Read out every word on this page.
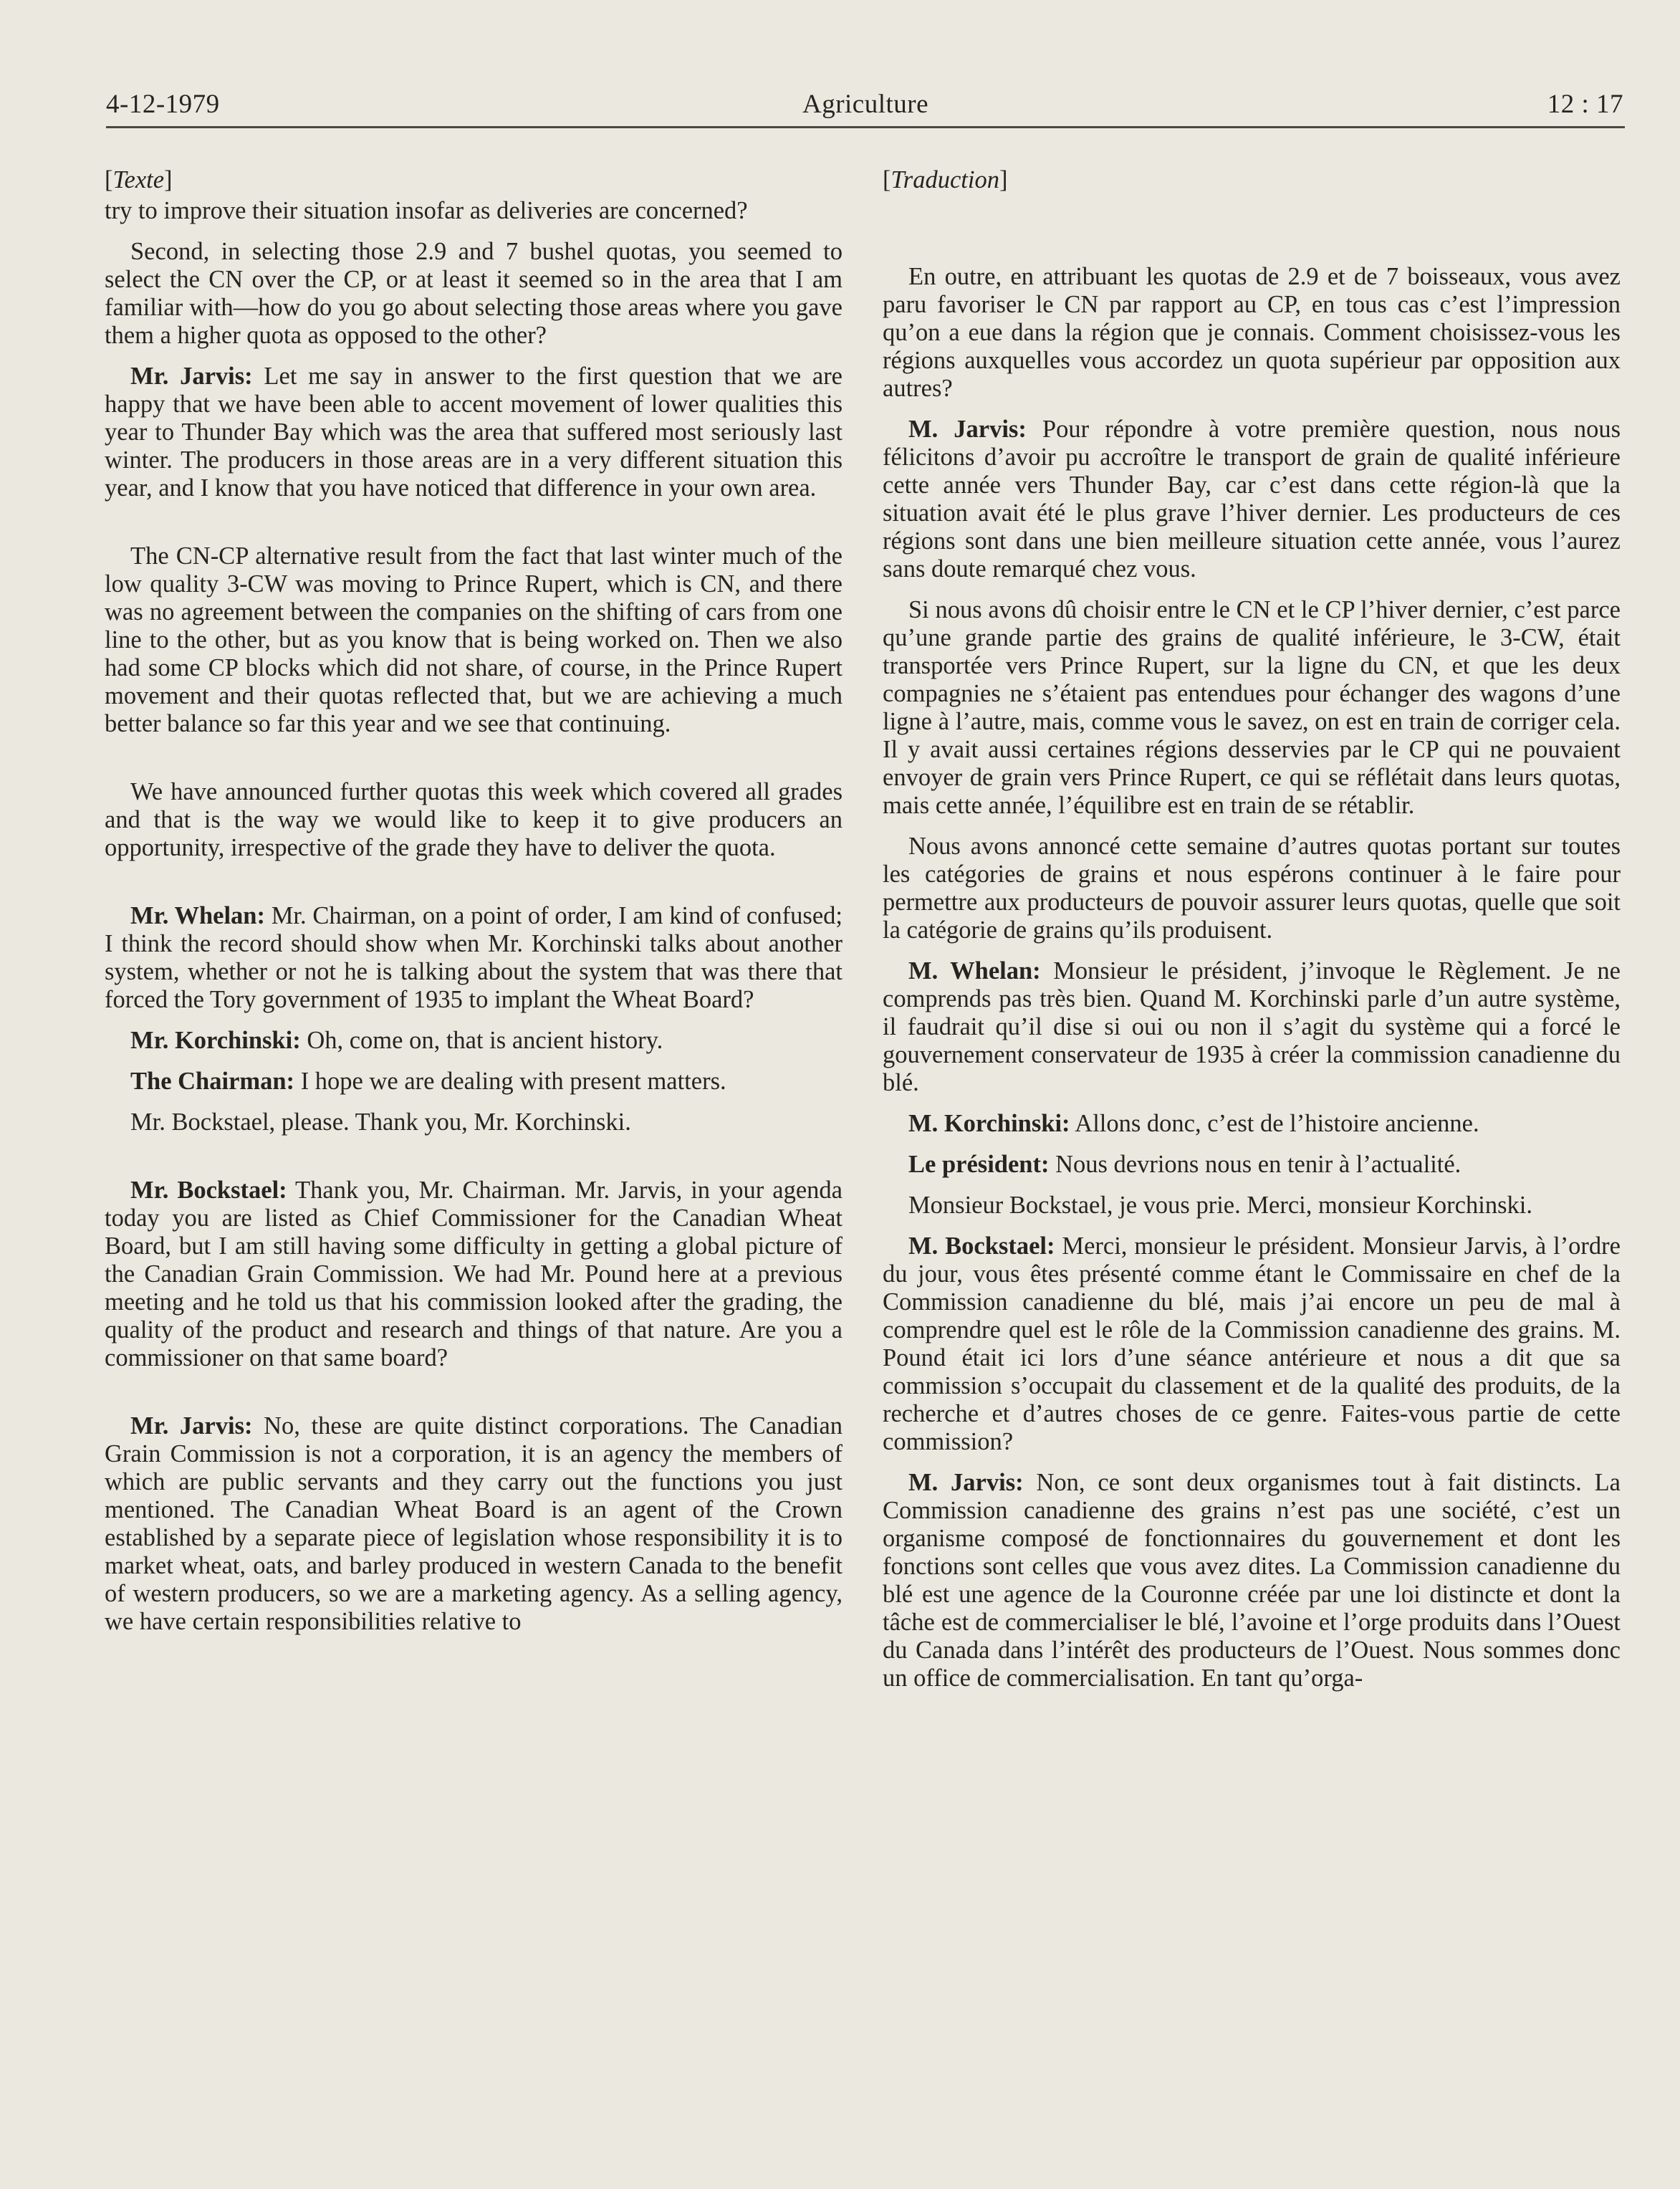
4-12-1979	Agriculture	12 : 17
[Texte]

try to improve their situation insofar as deliveries are concerned?

Second, in selecting those 2.9 and 7 bushel quotas, you seemed to select the CN over the CP, or at least it seemed so in the area that I am familiar with—how do you go about selecting those areas where you gave them a higher quota as opposed to the other?

Mr. Jarvis: Let me say in answer to the first question that we are happy that we have been able to accent movement of lower qualities this year to Thunder Bay which was the area that suffered most seriously last winter. The producers in those areas are in a very different situation this year, and I know that you have noticed that difference in your own area.

The CN-CP alternative result from the fact that last winter much of the low quality 3-CW was moving to Prince Rupert, which is CN, and there was no agreement between the companies on the shifting of cars from one line to the other, but as you know that is being worked on. Then we also had some CP blocks which did not share, of course, in the Prince Rupert movement and their quotas reflected that, but we are achieving a much better balance so far this year and we see that continuing.

We have announced further quotas this week which covered all grades and that is the way we would like to keep it to give producers an opportunity, irrespective of the grade they have to deliver the quota.

Mr. Whelan: Mr. Chairman, on a point of order, I am kind of confused; I think the record should show when Mr. Korchinski talks about another system, whether or not he is talking about the system that was there that forced the Tory government of 1935 to implant the Wheat Board?

Mr. Korchinski: Oh, come on, that is ancient history.

The Chairman: I hope we are dealing with present matters.

Mr. Bockstael, please. Thank you, Mr. Korchinski.

Mr. Bockstael: Thank you, Mr. Chairman. Mr. Jarvis, in your agenda today you are listed as Chief Commissioner for the Canadian Wheat Board, but I am still having some difficulty in getting a global picture of the Canadian Grain Commission. We had Mr. Pound here at a previous meeting and he told us that his commission looked after the grading, the quality of the product and research and things of that nature. Are you a commissioner on that same board?

Mr. Jarvis: No, these are quite distinct corporations. The Canadian Grain Commission is not a corporation, it is an agency the members of which are public servants and they carry out the functions you just mentioned. The Canadian Wheat Board is an agent of the Crown established by a separate piece of legislation whose responsibility it is to market wheat, oats, and barley produced in western Canada to the benefit of western producers, so we are a marketing agency. As a selling agency, we have certain responsibilities relative to

[Traduction]

En outre, en attribuant les quotas de 2.9 et de 7 boisseaux, vous avez paru favoriser le CN par rapport au CP, en tous cas c’est l’impression qu’on a eue dans la région que je connais. Comment choisissez-vous les régions auxquelles vous accordez un quota supérieur par opposition aux autres?

M. Jarvis: Pour répondre à votre première question, nous nous félicitons d’avoir pu accroître le transport de grain de qualité inférieure cette année vers Thunder Bay, car c’est dans cette région-là que la situation avait été le plus grave l’hiver dernier. Les producteurs de ces régions sont dans une bien meilleure situation cette année, vous l’aurez sans doute remarqué chez vous.

Si nous avons dû choisir entre le CN et le CP l’hiver dernier, c’est parce qu’une grande partie des grains de qualité inférieure, le 3-CW, était transportée vers Prince Rupert, sur la ligne du CN, et que les deux compagnies ne s’étaient pas entendues pour échanger des wagons d’une ligne à l’autre, mais, comme vous le savez, on est en train de corriger cela. Il y avait aussi certaines régions desservies par le CP qui ne pouvaient envoyer de grain vers Prince Rupert, ce qui se réflétait dans leurs quotas, mais cette année, l’équilibre est en train de se rétablir.

Nous avons annoncé cette semaine d’autres quotas portant sur toutes les catégories de grains et nous espérons continuer à le faire pour permettre aux producteurs de pouvoir assurer leurs quotas, quelle que soit la catégorie de grains qu’ils produisent.

M. Whelan: Monsieur le président, j’invoque le Règlement. Je ne comprends pas très bien. Quand M. Korchinski parle d’un autre système, il faudrait qu’il dise si oui ou non il s’agit du système qui a forcé le gouvernement conservateur de 1935 à créer la commission canadienne du blé.

M. Korchinski: Allons donc, c’est de l’histoire ancienne.

Le président: Nous devrions nous en tenir à l’actualité.

Monsieur Bockstael, je vous prie. Merci, monsieur Korchinski.

M. Bockstael: Merci, monsieur le président. Monsieur Jarvis, à l’ordre du jour, vous êtes présenté comme étant le Commissaire en chef de la Commission canadienne du blé, mais j’ai encore un peu de mal à comprendre quel est le rôle de la Commission canadienne des grains. M. Pound était ici lors d’une séance antérieure et nous a dit que sa commission s’occupait du classement et de la qualité des produits, de la recherche et d’autres choses de ce genre. Faites-vous partie de cette commission?

M. Jarvis: Non, ce sont deux organismes tout à fait distincts. La Commission canadienne des grains n’est pas une société, c’est un organisme composé de fonctionnaires du gouvernement et dont les fonctions sont celles que vous avez dites. La Commission canadienne du blé est une agence de la Couronne créée par une loi distincte et dont la tâche est de commercialiser le blé, l’avoine et l’orge produits dans l’Ouest du Canada dans l’intérêt des producteurs de l’Ouest. Nous sommes donc un office de commercialisation. En tant qu’orga-
